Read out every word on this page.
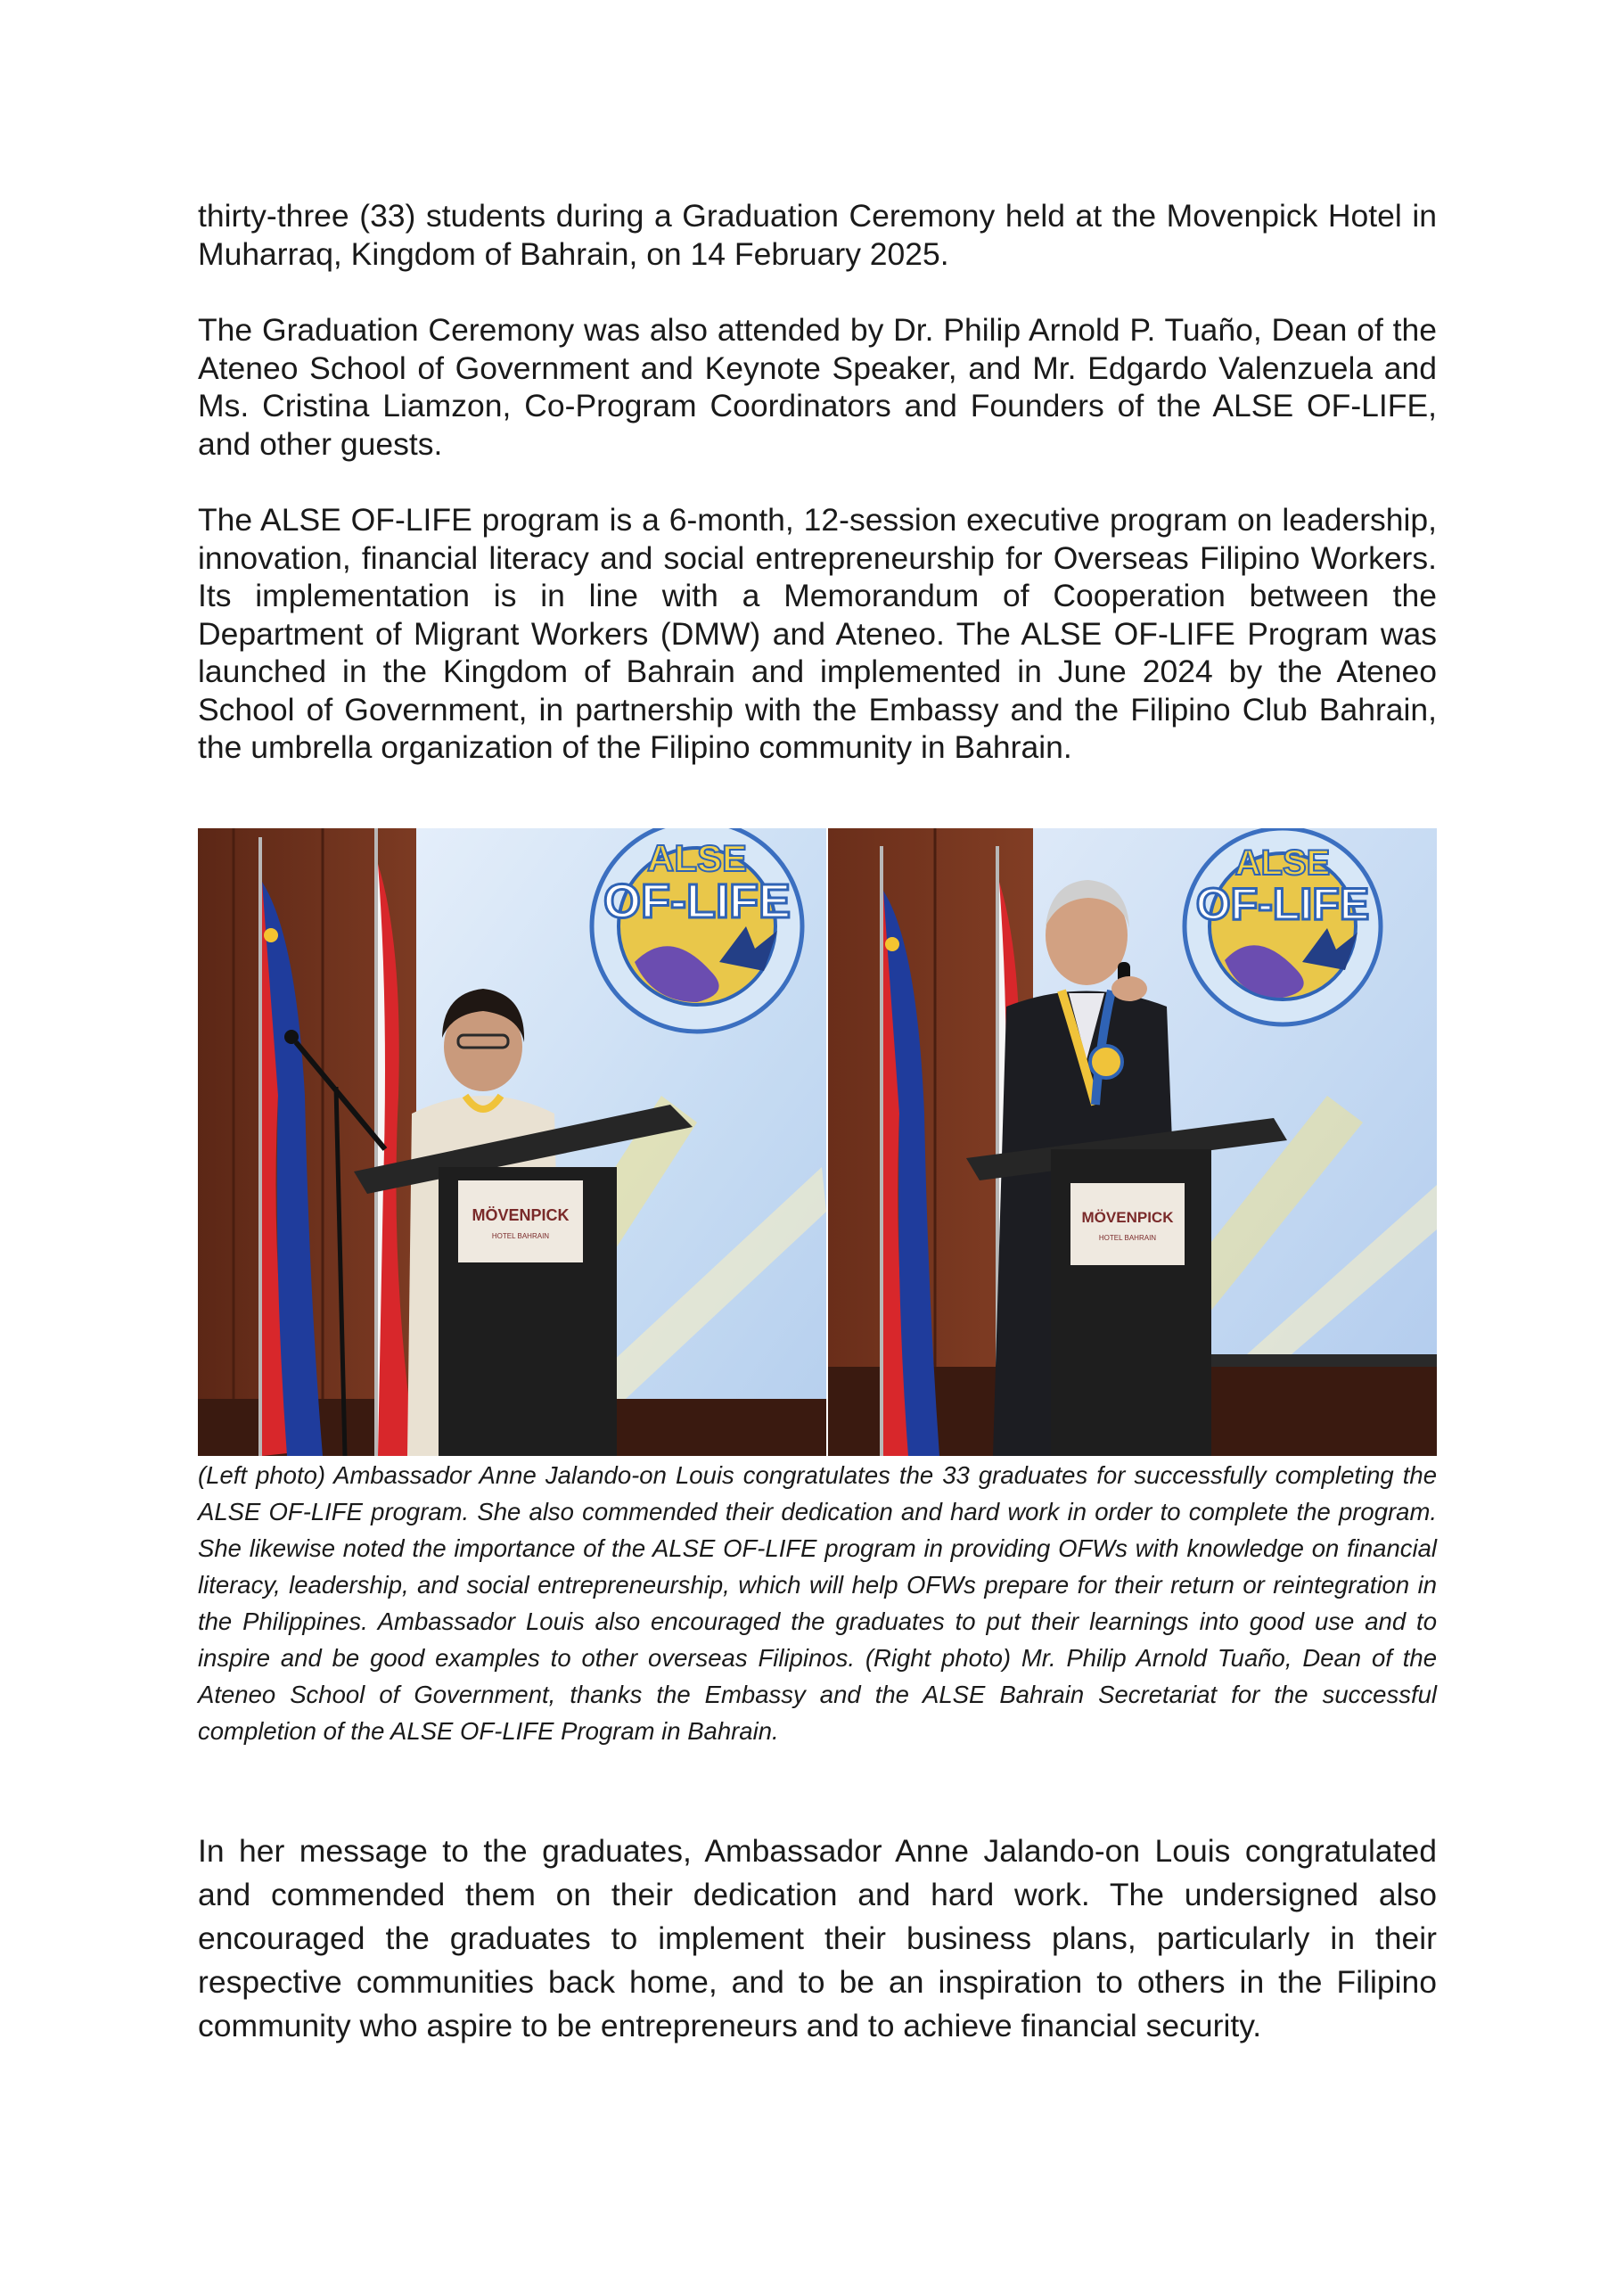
thirty-three (33) students during a Graduation Ceremony held at the Movenpick Hotel in Muharraq, Kingdom of Bahrain, on 14 February 2025.

The Graduation Ceremony was also attended by Dr. Philip Arnold P. Tuaño, Dean of the Ateneo School of Government and Keynote Speaker, and Mr. Edgardo Valenzuela and Ms. Cristina Liamzon, Co-Program Coordinators and Founders of the ALSE OF-LIFE, and other guests.

The ALSE OF-LIFE program is a 6-month, 12-session executive program on leadership, innovation, financial literacy and social entrepreneurship for Overseas Filipino Workers. Its implementation is in line with a Memorandum of Cooperation between the Department of Migrant Workers (DMW) and Ateneo. The ALSE OF-LIFE Program was launched in the Kingdom of Bahrain and implemented in June 2024 by the Ateneo School of Government, in partnership with the Embassy and the Filipino Club Bahrain, the umbrella organization of the Filipino community in Bahrain.

ALSE
OF-LIFE
MÖVENPICK
HOTEL BAHRAIN
ALSE
OF-LIFE
MÖVENPICK
HOTEL BAHRAIN

(Left photo) Ambassador Anne Jalando-on Louis congratulates the 33 graduates for successfully completing the ALSE OF-LIFE program. She also commended their dedication and hard work in order to complete the program. She likewise noted the importance of the ALSE OF-LIFE program in providing OFWs with knowledge on financial literacy, leadership, and social entrepreneurship, which will help OFWs prepare for their return or reintegration in the Philippines. Ambassador Louis also encouraged the graduates to put their learnings into good use and to inspire and be good examples to other overseas Filipinos. (Right photo) Mr. Philip Arnold Tuaño, Dean of the Ateneo School of Government, thanks the Embassy and the ALSE Bahrain Secretariat for the successful completion of the ALSE OF-LIFE Program in Bahrain.

In her message to the graduates, Ambassador Anne Jalando-on Louis congratulated and commended them on their dedication and hard work. The undersigned also encouraged the graduates to implement their business plans, particularly in their respective communities back home, and to be an inspiration to others in the Filipino community who aspire to be entrepreneurs and to achieve financial security.
